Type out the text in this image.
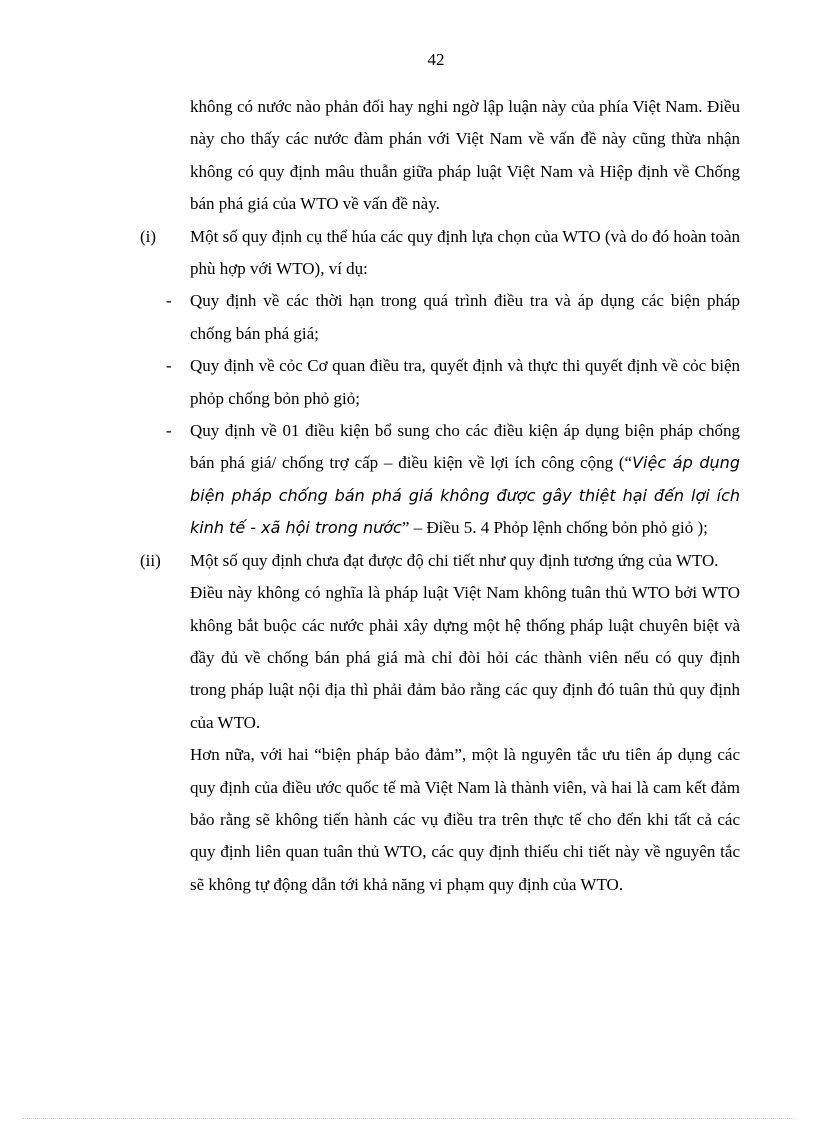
42
không có nước nào phản đối hay nghi ngờ lập luận này của phía Việt Nam. Điều này cho thấy các nước đàm phán với Việt Nam về vấn đề này cũng thừa nhận không có quy định mâu thuẫn giữa pháp luật Việt Nam và Hiệp định về Chống bán phá giá của WTO về vấn đề này.
(i) Một số quy định cụ thể húa các quy định lựa chọn của WTO (và do đó hoàn toàn phù hợp với WTO), ví dụ:
- Quy định về các thời hạn trong quá trình điều tra và áp dụng các biện pháp chống bán phá giá;
- Quy định về cỏc Cơ quan điều tra, quyết định và thực thi quyết định về cỏc biện phỏp chống bỏn phỏ giỏ;
- Quy định về 01 điều kiện bổ sung cho các điều kiện áp dụng biện pháp chống bán phá giá/ chống trợ cấp – điều kiện về lợi ích công cộng (“Việc áp dụng biện pháp chống bán phá giá không được gây thiệt hại đến lợi ích kinh tế - xã hội trong nước” – Điều 5. 4 Phỏp lệnh chống bỏn phỏ giỏ );
(ii) Một số quy định chưa đạt được độ chi tiết như quy định tương ứng của WTO.
Điều này không có nghĩa là pháp luật Việt Nam không tuân thủ WTO bởi WTO không bắt buộc các nước phải xây dựng một hệ thống pháp luật chuyên biệt và đầy đủ về chống bán phá giá mà chỉ đòi hỏi các thành viên nếu có quy định trong pháp luật nội địa thì phải đảm bảo rằng các quy định đó tuân thủ quy định của WTO.
Hơn nữa, với hai “biện pháp bảo đảm”, một là nguyên tắc ưu tiên áp dụng các quy định của điều ước quốc tế mà Việt Nam là thành viên, và hai là cam kết đảm bảo rằng sẽ không tiến hành các vụ điều tra trên thực tế cho đến khi tất cả các quy định liên quan tuân thủ WTO, các quy định thiếu chi tiết này về nguyên tắc sẽ không tự động dẫn tới khả năng vi phạm quy định của WTO.
